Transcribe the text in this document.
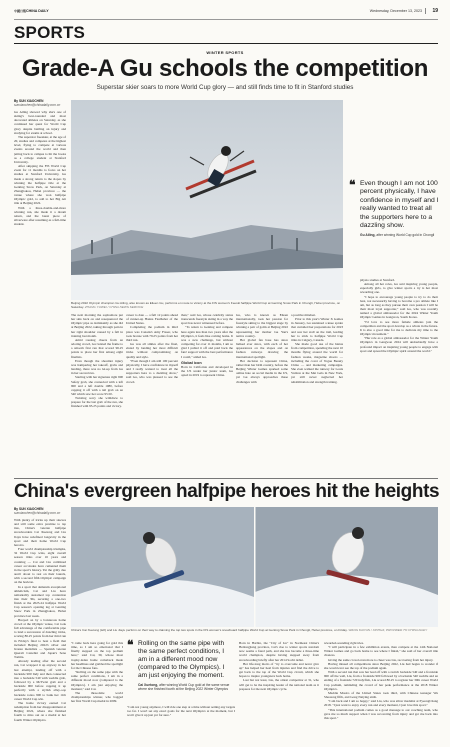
中國日報 CHINA DAILY	Wednesday, December 13, 2023 19
SPORTS
WINTER SPORTS
Grade-A Gu schools the competition
Superstar skier soars to more World Cup glory — and still finds time to fit in Stanford studies
By SUN XIAOCHEN
sunxiaochen@chinadaily.com.cn

Gu Ailing showed why she's one of skiing's best-rounded and most decorated athletes on Saturday, as she continued her quest for World Cup glory despite battling an injury and studying for exams at school.

The superstar freeskier, at the age of 20, studies and competes at the highest level, flying to compete at various events around the world and then jetting back to campus to hit the books as a college student at Stanford University.

After skipping the FIS World Cup event for 11 months to focus on her studies at Stanford University, Gu made a strong return to the slopes by winning the halfpipe title at the Genting Snow Park, on Saturday at Zhangjiakou, Hebei province — the venue where she won halfpipe Olympic gold, to add to her Big Air title at Beijing 2022.

With a three-double-and-more winning run, she made it a dream return, and the latest piece of silverware after resuming as a full-time student.

Beijing 2022 Olympic champion Gu Ailing, also known as Eileen Gu, performs en route to victory at the FIS women's freeski halfpipe World Cup at Genting Snow Park in Chongli, Hebei province, on Saturday. ZHANG YUWEI / CHINA NEWS SERVICE

The next morning the sophomore put her skis back on and resequenced the Olympic pipe as dominantly as she did at Beijing 2022, taking through pain in her right shoulder caused by a fall in training last month.

Amid rousing cheers from an adoring crowd, Gu twisted the frame to a smooth first run that scored 96.25 points to place her first among eight finalists.

Even though the shoulder injury was hampering her takeoff, grabs and landing, there was no let-up from Gu in her second run.

Starting with her signature right 900 Safety grab, she connected with a left 900 and a left double 1080, before capping it off with a tail grab on an 540 which saw her score 95.50.

Twisting sorry she withdrew to prepare for the last grab of the run, she finished with 95.25 points and victory.

career to date — a full 12 points ahead of runner-up Hanna Faulhaber of the United States.

Completing the podium in third place was Canada's Amy Fraser, who took bronze with 79.25 points from her third run.

Gu was all smiles after the final, elated by landing her most difficult tricks without compromising on quality and style.

"Even though I am still 100 percent physically, I have confidence in myself and I really wanted to treat all the supporters here to a dazzling show," said Gu, who was pleased to see the crowd.

than," said Gu, whose celebrity status transcends freestyle skiing in a way the sport has never witnessed before.

"To return to Genting and compete here again less than two years after the Olympics, it feels like coming home. It was a new challenge, but without competing for over 11 months, I am so glad I pulled it off and paid back the fans' support with the best performance I could," added Gu.

Global icon

Born in California and developed in the US under her junior team, Gu opted in 2019 to represent China.

Gu, who is known as Eileen internationally, took her passion for freestyle skiing to the biggest stage by winning a pair of golds at Beijing 2022 representing her mother Gu Yan's native country.

Her global fan base has since bulked ever since, with each of her appearances on the slopes and on fashion runways drawing the international spotlight.

Her decision to represent China, rather than her birth country, before the Beijing Winter Games sparked some online hate on social media in the US, yet Gu always approaches these challenges with

a positive mindset.

Prior to this year's Winter X Games in January, Gu sustained a knee sprain that curtailed her preparations for 2023 and saw her stall on the trail, leading her to stick to halfpipe World Cup titles in Calgary, Canada.

She made good use of the hiatus from competition, spending the next 10 months flying around the world for fashion weeks, magazine shoots — including the cover of Vogue Beauty China — and marketing campaigns. She even walked the runway for Louis Vuitton at the Met Gala in New York, yet still never neglected her rehabilitation and strength training.

❝ Even though I am not 100 percent physically, I have confidence in myself and I really wanted to treat all the supporters here to a dazzling show.
Gu Ailing, after winning World Cup gold in Chongli

physio studies at Stanford.

Among all her roles, Gu said inspiring young people, especially girls, to give winter sports a try is her most rewarding one.

"I hope to encourage young people to try to do their best, not necessarily having to become a pro athlete like I am, but as long as they pursue their own passion I will be their most loyal supporter," said Gu, who was recently named a global ambassador for the 2024 Winter Youth Olympic Games in Gangwon, South Korea.

"I'd love to see more female athletes join the competition and the sport develop as a whole in the future. It is also a good time for me to dedicate my time to the Olympic movement."

"Her role as a global ambassador for the Winter Youth Olympics in Gangwon 2024 will undoubtedly have a profound impact on inspiring young people to engage with sport and spread the Olympic spirit around the world."

China's evergreen halfpipe heroes hit the heights
By SUN XIAOCHEN
sunxiaochen@chinadaily.com.cn

With plenty of tricks up their sleeves and still some extra promise to tap into, China's veteran halfpipe snowboarders Cai Xuetong and Liu Jiayu have redefined longevity in the sport and their home World Cup heroics.

Four world championship triumphs, 32 World Cup wins, eight overall season titles over 16 years and counting — Cai and Liu combined career accolades have cemented them in the sport's history. Yet the gritty duo aren't about to rest on their laurels, with a second fifth Olympic campaign on the horizon.

In a sport that demands exceptional athleticism, Cai and Liu have remarkably sustained top contention into their 30s, securing a one-two finish at the 2023-24 halfpipe World Cup season's opening leg at Genting Snow Park in Zhangjiakou, Hebei province last week.

Buoyed on by a boisterous home crowd at the Olympic venue, Cai took full advantage of the comfortable pipe to land a succession of dazzling tricks, scoring 86.25 points from her third run in Friday's final to beat a field that included Beijing 2022's silver and bronze medalists — Spanish veteran Queralt Castellet and Japan's Sena Tomita.

Already leading after the second run, Cai wrapped it up anyway in her last attempt, landing off with a backside 900 Indy and then connected into a backside 540 with weddle grab, followed by a McTwist grab and a backside 900 before capping it up perfectly with a stylish alley-oop backside rodeo 900 to bank her 11th career World Cup win.

The home victory earned Cai redemption from her disappointment at Beijing 2022, where she finished fourth to miss out on a medal at her fourth Winter Olympics.

China's Cai Xuetong (left) and Liu Jiayu perform on their way to claiming the top two spots in the FIS women's snowboard halfpipe World Cup at Genting Snow Park in Chongli, Hebei province, on Friday. WANG KAIYAN / XINHUA; PROVIDED TO CHINA DAILY

"I came back here going for gold this time, so I am so emotional that I finally stepped on the top podium here," said Cai, 30, whose most trophy-laden home comeback made her headlines and grabbed the spotlight for the Chinese fans.

"Rolling on the same pipe with the same perfect conditions, I am in a different mood now (compared to the Olympics). I am just enjoying the moment," said Cai.

The three-time world championships winner, who bagged her first World Cup medal in 2009.

❝ Rolling on the same pipe with the same perfect conditions, I am in a different mood now (compared to the Olympics). I am just enjoying the moment.
Cai Xuetong, after winning World Cup gold at the same venue where she finished fourth at the Beijing 2022 Winter Olympics

"I am not young anymore, I will ride one step at a time without setting any targets too far. I won't set any exact goals for the next Olympics at the moment, but I won't give it up just yet for sure."

Born in Harbin, the "City of Ice" in Northeast China's Heilongjiang province, Cai's rise to winter sports stardom now seems a fated path, and she has become a three-time world champion, despite having stepped away from snowboarding briefly after her 2014 Sochi debut.

Her life-long motto of "try to overcome and never give up" has helped her heal from injuries and find the drive to get back to the top of the World Cup circuit, which she hopes to inspire youngsters back home.

Last but not least, Liu, the oldest competitor at 31, who will get to be the inspiring leader of the national team as it prepares for the next Olympic cycle.

rewarded-sounding right tries.

"I will participate in a few exhibition events, then compete at the 14th National Winter Games and go back home to see where I finish," she said of her overall title chances.

Giving the same crowd even more to cheer was Liu, recovering from her injury.

Having missed all competitions since Beijing 2022, Liu had begun to wonder if she would ever see the top of the podium again.

With a second run that saw her lead off with a switch backside 540 and a frontside 900 off the wall, Liu, from a frontside 900 followed by a backside 540 weddle and an ending of a frontside 720 indy/fish, Liu scored 80.25 to register her 30th career World Cup podium, reminding the crowd of her peak performance at the 2018 Winter Olympics.

Maddie Mastro of the United States took third, with Chinese teenager Wu Shaotong fifth, and Gong Naiying sixth.

"I am back and I am so happy," said Liu, who was silver medalist at PyeongChang 2018. "I just want to enjoy every run and every moment, I just love this sport."

"This international podium comes as a good message to our coaching team, who gave me so much support when I was recovering from injury and got me back into this sport."
